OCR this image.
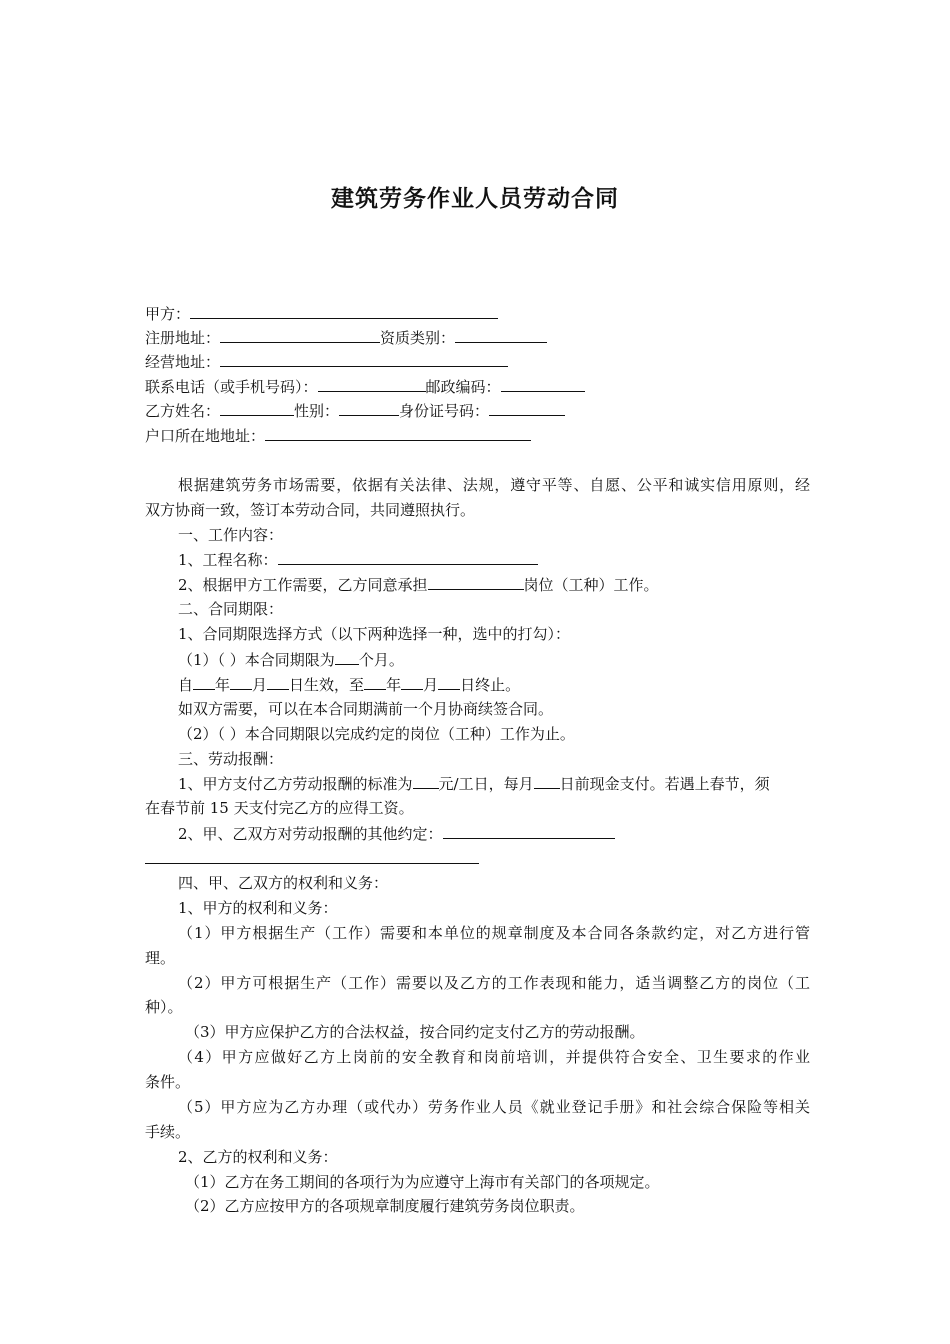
建筑劳务作业人员劳动合同
甲方：
注册地址：	资质类别：
经营地址：
联系电话（或手机号码）：	邮政编码：
乙方姓名：	性别：	身份证号码：
户口所在地地址：
根据建筑劳务市场需要，依据有关法律、法规，遵守平等、自愿、公平和诚实信用原则，经
双方协商一致，签订本劳动合同，共同遵照执行。
一、工作内容：
1、工程名称：
2、根据甲方工作需要，乙方同意承担	岗位（工种）工作。
二、合同期限：
1、合同期限选择方式（以下两种选择一种，选中的打勾）：
（1）（ ）本合同期限为 个月。
自 年 月 日生效，至 年 月 日终止。
如双方需要，可以在本合同期满前一个月协商续签合同。
（2）（ ）本合同期限以完成约定的岗位（工种）工作为止。
三、劳动报酬：
1、甲方支付乙方劳动报酬的标准为 元/工日，每月 日前现金支付。若遇上春节，须
在春节前 15 天支付完乙方的应得工资。
2、甲、乙双方对劳动报酬的其他约定：
四、甲、乙双方的权利和义务：
1、甲方的权利和义务：
（1）甲方根据生产（工作）需要和本单位的规章制度及本合同各条款约定，对乙方进行管
理。
（2）甲方可根据生产（工作）需要以及乙方的工作表现和能力，适当调整乙方的岗位（工
种）。
（3）甲方应保护乙方的合法权益，按合同约定支付乙方的劳动报酬。
（4）甲方应做好乙方上岗前的安全教育和岗前培训，并提供符合安全、卫生要求的作业
条件。
（5）甲方应为乙方办理（或代办）劳务作业人员《就业登记手册》和社会综合保险等相关
手续。
2、乙方的权利和义务：
（1）乙方在务工期间的各项行为为应遵守上海市有关部门的各项规定。
（2）乙方应按甲方的各项规章制度履行建筑劳务岗位职责。
